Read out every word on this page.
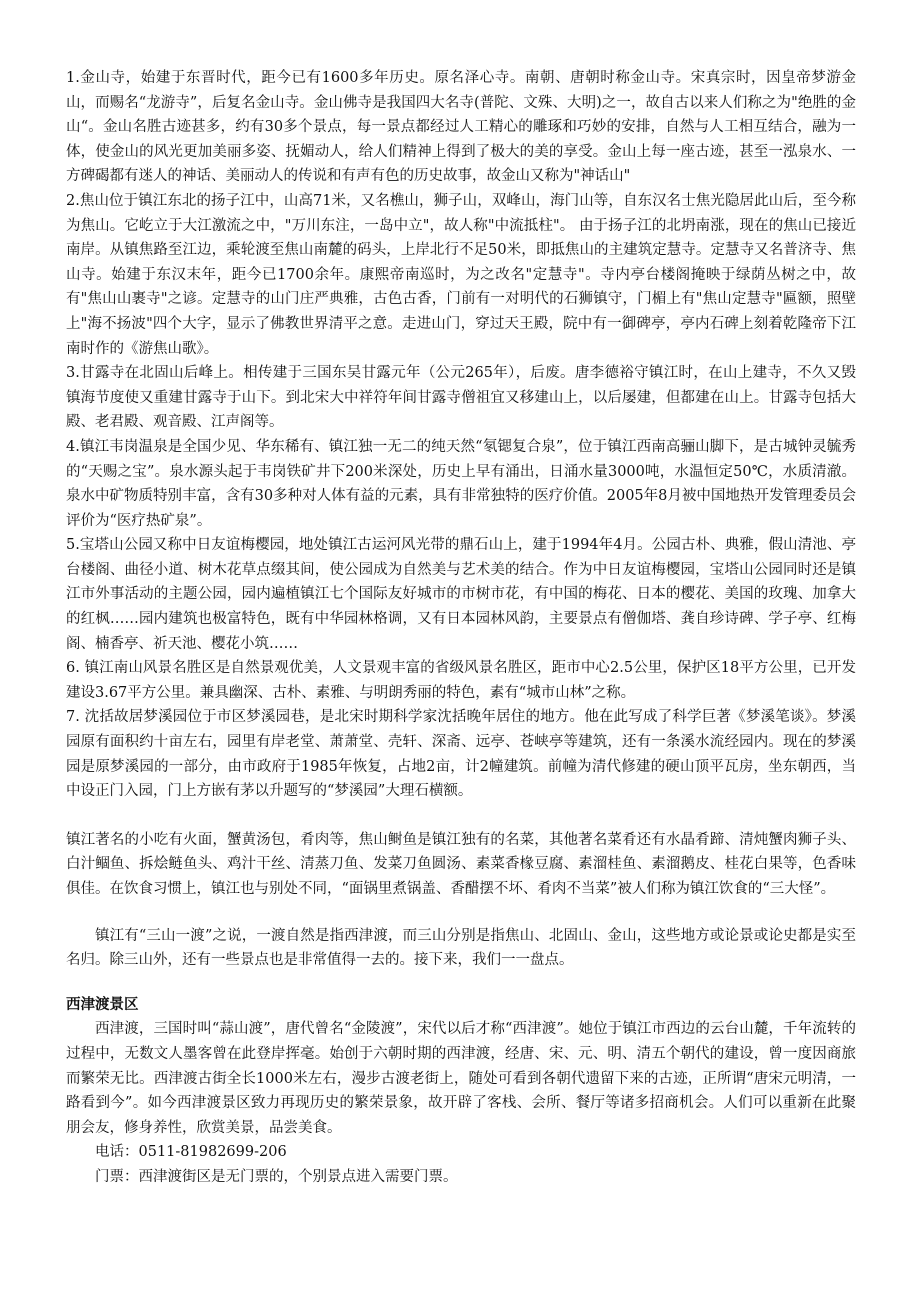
1.金山寺，始建于东晋时代，距今已有1600多年历史。原名泽心寺。南朝、唐朝时称金山寺。宋真宗时，因皇帝梦游金山，而赐名“龙游寺”，后复名金山寺。金山佛寺是我国四大名寺(普陀、文殊、大明)之一，故自古以来人们称之为"绝胜的金山“。金山名胜古迹甚多，约有30多个景点，每一景点都经过人工精心的雕琢和巧妙的安排，自然与人工相互结合，融为一体，使金山的风光更加美丽多姿、抚媚动人，给人们精神上得到了极大的美的享受。金山上每一座古迹，甚至一泓泉水、一方碑碣都有迷人的神话、美丽动人的传说和有声有色的历史故事，故金山又称为"神话山"

2.焦山位于镇江东北的扬子江中，山高71米，又名樵山，狮子山，双峰山，海门山等，自东汉名士焦光隐居此山后，至今称为焦山。它屹立于大江激流之中，"万川东注，一岛中立"，故人称"中流抵柱"。 由于扬子江的北坍南涨，现在的焦山已接近南岸。从镇焦路至江边，乘轮渡至焦山南麓的码头，上岸北行不足50米，即抵焦山的主建筑定慧寺。定慧寺又名普济寺、焦山寺。始建于东汉末年，距今已1700余年。康熙帝南巡时，为之改名"定慧寺"。寺内亭台楼阁掩映于绿荫丛树之中，故有"焦山山裹寺"之谚。定慧寺的山门庄严典雅，古色古香，门前有一对明代的石狮镇守，门楣上有"焦山定慧寺"匾额，照壁上"海不扬波"四个大字，显示了佛教世界清平之意。走进山门，穿过天王殿，院中有一御碑亭，亭内石碑上刻着乾隆帝下江南时作的《游焦山歌》。

3.甘露寺在北固山后峰上。相传建于三国东吴甘露元年（公元265年），后废。唐李德裕守镇江时，在山上建寺，不久又毁 镇海节度使又重建甘露寺于山下。到北宋大中祥符年间甘露寺僧祖宜又移建山上，以后屡建，但都建在山上。甘露寺包括大殿、老君殿、观音殿、江声阁等。

4.镇江韦岗温泉是全国少见、华东稀有、镇江独一无二的纯天然“氡锶复合泉”，位于镇江西南高骊山脚下，是古城钟灵毓秀的“天赐之宝”。泉水源头起于韦岗铁矿井下200米深处，历史上早有涌出，日涌水量3000吨，水温恒定50℃，水质清澈。泉水中矿物质特别丰富，含有30多种对人体有益的元素，具有非常独特的医疗价值。2005年8月被中国地热开发管理委员会评价为“医疗热矿泉”。

5.宝塔山公园又称中日友谊梅樱园，地处镇江古运河风光带的鼎石山上，建于1994年4月。公园古朴、典雅，假山清池、亭台楼阁、曲径小道、树木花草点缀其间，使公园成为自然美与艺术美的结合。作为中日友谊梅樱园，宝塔山公园同时还是镇江市外事活动的主题公园，园内遍植镇江七个国际友好城市的市树市花，有中国的梅花、日本的樱花、美国的玫瑰、加拿大的红枫……园内建筑也极富特色，既有中华园林格调，又有日本园林风韵，主要景点有僧伽塔、龚自珍诗碑、学子亭、红梅阁、楠香亭、祈天池、樱花小筑……

6. 镇江南山风景名胜区是自然景观优美，人文景观丰富的省级风景名胜区，距市中心2.5公里，保护区18平方公里，已开发建设3.67平方公里。兼具幽深、古朴、素雅、与明朗秀丽的特色，素有“城市山林”之称。

7. 沈括故居梦溪园位于市区梦溪园巷，是北宋时期科学家沈括晚年居住的地方。他在此写成了科学巨著《梦溪笔谈》。梦溪园原有面积约十亩左右，园里有岸老堂、萧萧堂、壳轩、深斋、远亭、苍峡亭等建筑，还有一条溪水流经园内。现在的梦溪园是原梦溪园的一部分，由市政府于1985年恢复，占地2亩，计2幢建筑。前幢为清代修建的硬山顶平瓦房，坐东朝西，当中设正门入园，门上方嵌有茅以升题写的“梦溪园”大理石横额。

镇江著名的小吃有火面，蟹黄汤包，肴肉等，焦山鲥鱼是镇江独有的名菜，其他著名菜肴还有水晶肴蹄、清炖蟹肉狮子头、白汁鲴鱼、拆烩鲢鱼头、鸡汁干丝、清蒸刀鱼、发菜刀鱼圆汤、素菜香椽豆腐、素溜桂鱼、素溜鹅皮、桂花白果等，色香味俱佳。在饮食习惯上，镇江也与别处不同，“面锅里煮锅盖、香醋摆不坏、肴肉不当菜”被人们称为镇江饮食的“三大怪”。

镇江有“三山一渡”之说，一渡自然是指西津渡，而三山分别是指焦山、北固山、金山，这些地方或论景或论史都是实至名归。除三山外，还有一些景点也是非常值得一去的。接下来，我们一一盘点。

西津渡景区

西津渡，三国时叫“蒜山渡”，唐代曾名“金陵渡”，宋代以后才称“西津渡”。她位于镇江市西边的云台山麓，千年流转的过程中，无数文人墨客曾在此登岸挥毫。始创于六朝时期的西津渡，经唐、宋、元、明、清五个朝代的建设，曾一度因商旅而繁荣无比。西津渡古街全长1000米左右，漫步古渡老街上，随处可看到各朝代遗留下来的古迹，正所谓“唐宋元明清，一路看到今”。如今西津渡景区致力再现历史的繁荣景象，故开辟了客栈、会所、餐厅等诸多招商机会。人们可以重新在此聚朋会友，修身养性，欣赏美景，品尝美食。

电话：0511-81982699-206

门票：西津渡街区是无门票的，个别景点进入需要门票。
